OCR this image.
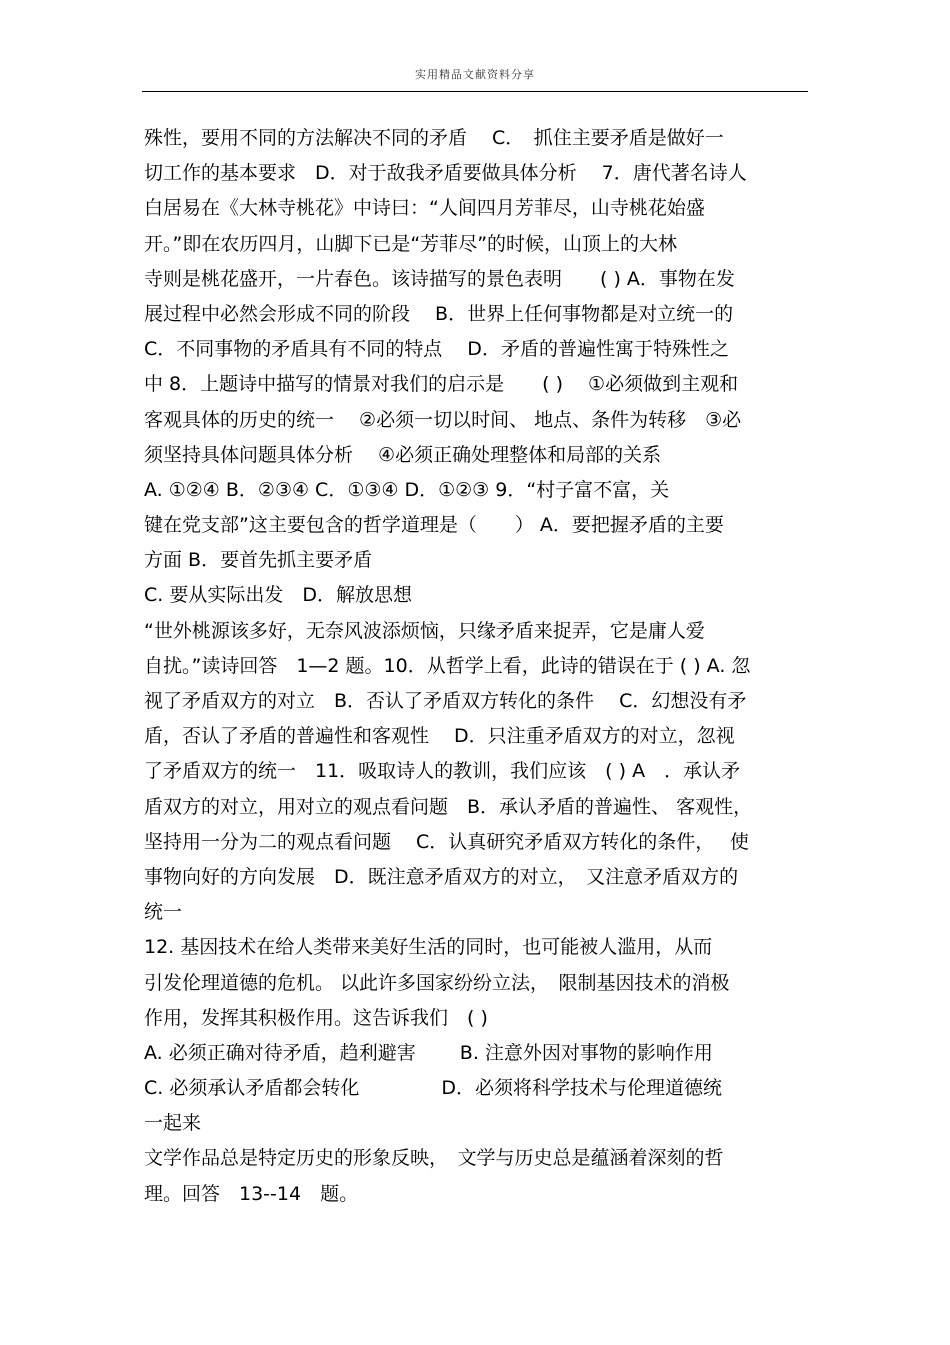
实用精品文献资料分享
殊性，要用不同的方法解决不同的矛盾　 C．　抓住主要矛盾是做好一
切工作的基本要求　D．对于敌我矛盾要做具体分析　 7．唐代著名诗人
白居易在《大林寺桃花》中诗曰：“人间四月芳菲尽，山寺桃花始盛
开。”即在农历四月，山脚下已是“芳菲尽”的时候，山顶上的大林
寺则是桃花盛开，一片春色。该诗描写的景色表明　　( ) A．事物在发
展过程中必然会形成不同的阶段　 B．世界上任何事物都是对立统一的
C．不同事物的矛盾具有不同的特点　 D．矛盾的普遍性寓于特殊性之
中 8．上题诗中描写的情景对我们的启示是　　( ) 　①必须做到主观和
客观具体的历史的统一　 ②必须一切以时间、 地点、条件为转移　③必
须坚持具体问题具体分析　 ④必须正确处理整体和局部的关系
A. ①②④ B．②③④ C．①③④ D．①②③ 9．“村子富不富，关
键在党支部”这主要包含的哲学道理是（　　） A．要把握矛盾的主要
方面 B．要首先抓主要矛盾
C. 要从实际出发　D．解放思想
“世外桃源该多好，无奈风波添烦恼，只缘矛盾来捉弄，它是庸人爱
自扰。”读诗回答　1—2 题。10．从哲学上看，此诗的错误在于 ( ) A. 忽
视了矛盾双方的对立　B．否认了矛盾双方转化的条件　 C．幻想没有矛
盾，否认了矛盾的普遍性和客观性　 D．只注重矛盾双方的对立，忽视
了矛盾双方的统一　11．吸取诗人的教训，我们应该　( ) A　．承认矛
盾双方的对立，用对立的观点看问题　B．承认矛盾的普遍性、 客观性，
坚持用一分为二的观点看问题　 C．认真研究矛盾双方转化的条件，　 使
事物向好的方向发展　D．既注意矛盾双方的对立，　又注意矛盾双方的
统一
12. 基因技术在给人类带来美好生活的同时，也可能被人滥用，从而
引发伦理道德的危机。 以此许多国家纷纷立法，　限制基因技术的消极
作用，发挥其积极作用。这告诉我们　( )
A. 必须正确对待矛盾，趋利避害　　 B. 注意外因对事物的影响作用
C. 必须承认矛盾都会转化　　　　 D．必须将科学技术与伦理道德统
一起来
文学作品总是特定历史的形象反映，　文学与历史总是蕴涵着深刻的哲
理。回答　13--14　题。
